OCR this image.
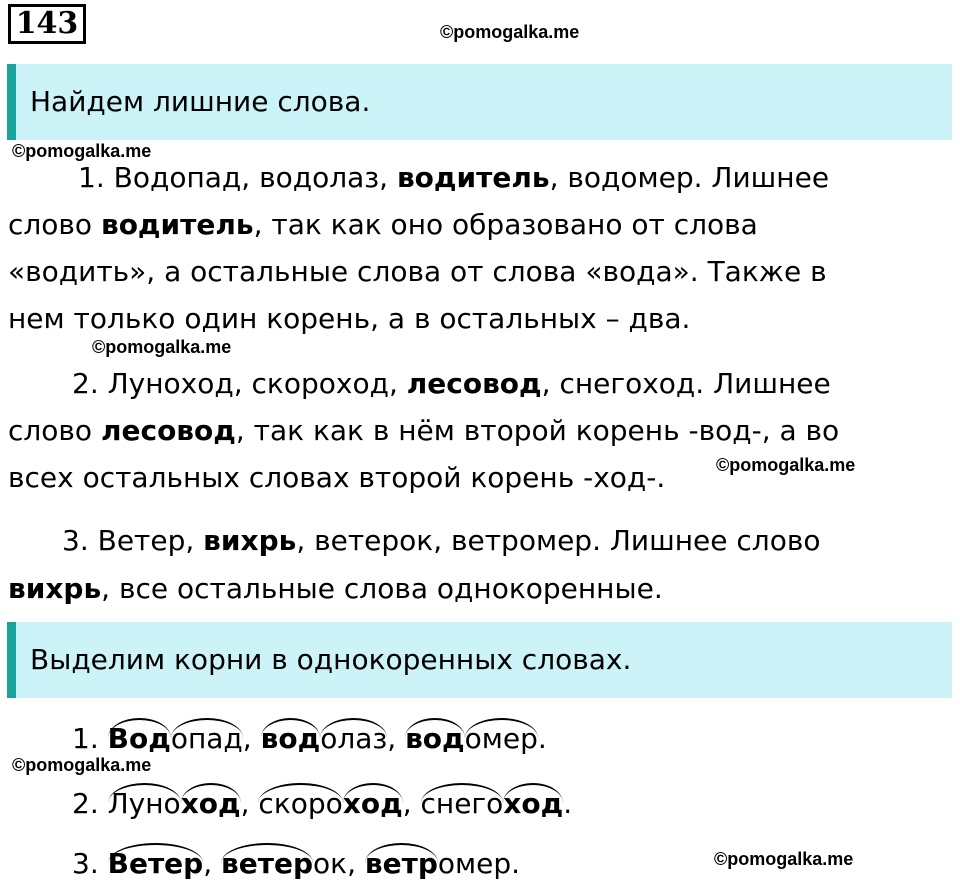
143	©pomogalka.me
Найдем лишние слова.
©pomogalka.me
1. Водопад, водолаз, водитель, водомер. Лишнее
слово водитель, так как оно образовано от слова
«водить», а остальные слова от слова «вода». Также в
нем только один корень, а в остальных – два.
©pomogalka.me
2. Луноход, скороход, лесовод, снегоход. Лишнее
слово лесовод, так как в нём второй корень -вод-, а во
всех остальных словах второй корень -ход-.	©pomogalka.me
3. Ветер, вихрь, ветерок, ветромер. Лишнее слово
вихрь, все остальные слова однокоренные.
Выделим корни в однокоренных словах.
1. Водопад, водолаз, водомер.
©pomogalka.me
2. Луноход, скороход, снегоход.
3. Ветер, ветерок, ветромер.	©pomogalka.me
